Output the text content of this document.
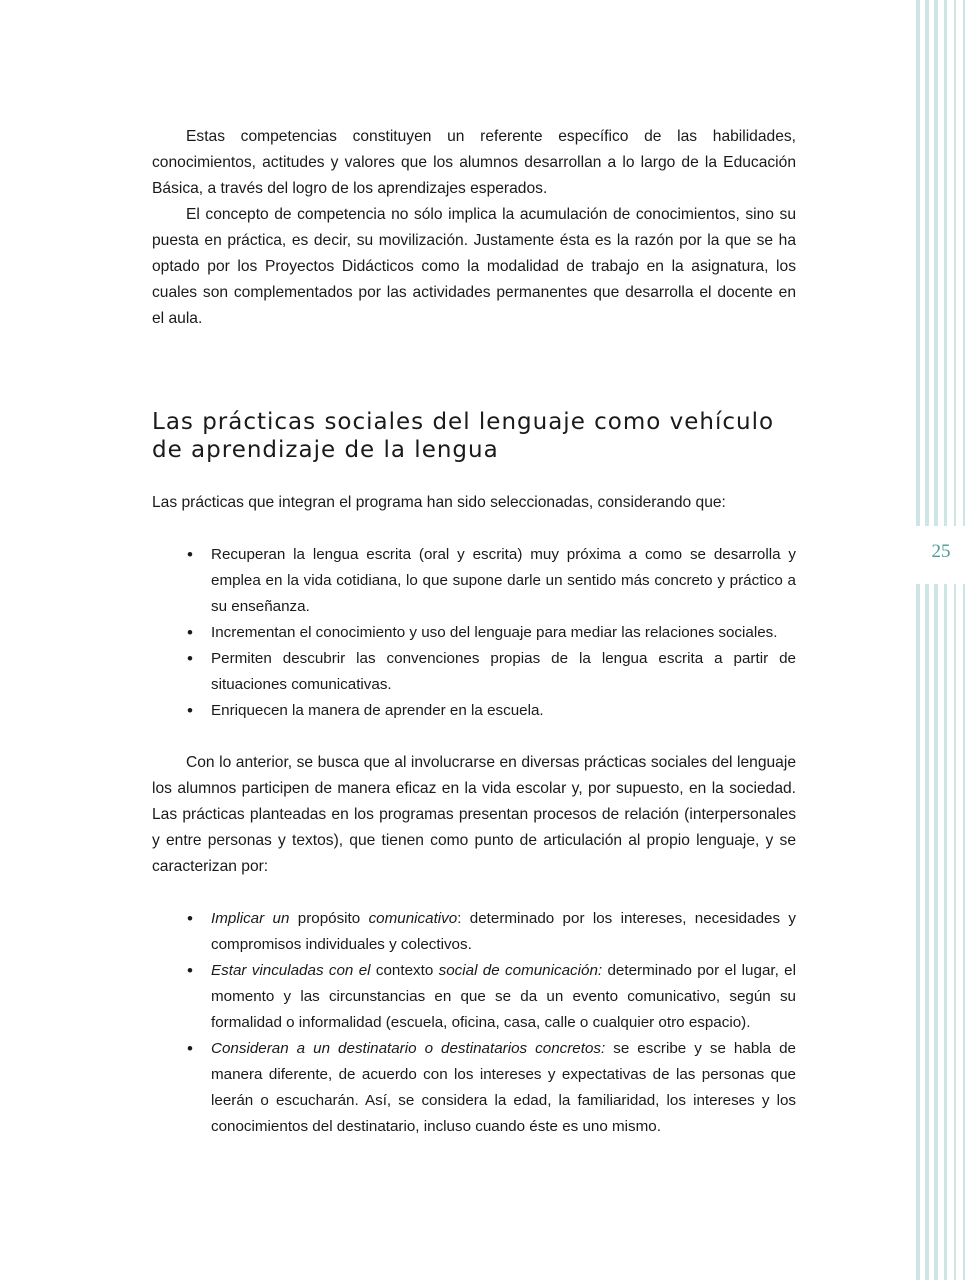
25

Estas competencias constituyen un referente específico de las habilidades, conocimientos, actitudes y valores que los alumnos desarrollan a lo largo de la Educación Básica, a través del logro de los aprendizajes esperados.

El concepto de competencia no sólo implica la acumulación de conocimientos, sino su puesta en práctica, es decir, su movilización. Justamente ésta es la razón por la que se ha optado por los Proyectos Didácticos como la modalidad de trabajo en la asignatura, los cuales son complementados por las actividades permanentes que desarrolla el docente en el aula.

Las prácticas sociales del lenguaje como vehículo
de aprendizaje de la lengua

Las prácticas que integran el programa han sido seleccionadas, considerando que:

• Recuperan la lengua escrita (oral y escrita) muy próxima a como se desarrolla y emplea en la vida cotidiana, lo que supone darle un sentido más concreto y práctico a su enseñanza.
• Incrementan el conocimiento y uso del lenguaje para mediar las relaciones sociales.
• Permiten descubrir las convenciones propias de la lengua escrita a partir de situaciones comunicativas.
• Enriquecen la manera de aprender en la escuela.

Con lo anterior, se busca que al involucrarse en diversas prácticas sociales del lenguaje los alumnos participen de manera eficaz en la vida escolar y, por supuesto, en la sociedad. Las prácticas planteadas en los programas presentan procesos de relación (interpersonales y entre personas y textos), que tienen como punto de articulación al propio lenguaje, y se caracterizan por:

• Implicar un propósito comunicativo: determinado por los intereses, necesidades y compromisos individuales y colectivos.
• Estar vinculadas con el contexto social de comunicación: determinado por el lugar, el momento y las circunstancias en que se da un evento comunicativo, según su formalidad o informalidad (escuela, oficina, casa, calle o cualquier otro espacio).
• Consideran a un destinatario o destinatarios concretos: se escribe y se habla de manera diferente, de acuerdo con los intereses y expectativas de las personas que leerán o escucharán. Así, se considera la edad, la familiaridad, los intereses y los conocimientos del destinatario, incluso cuando éste es uno mismo.
